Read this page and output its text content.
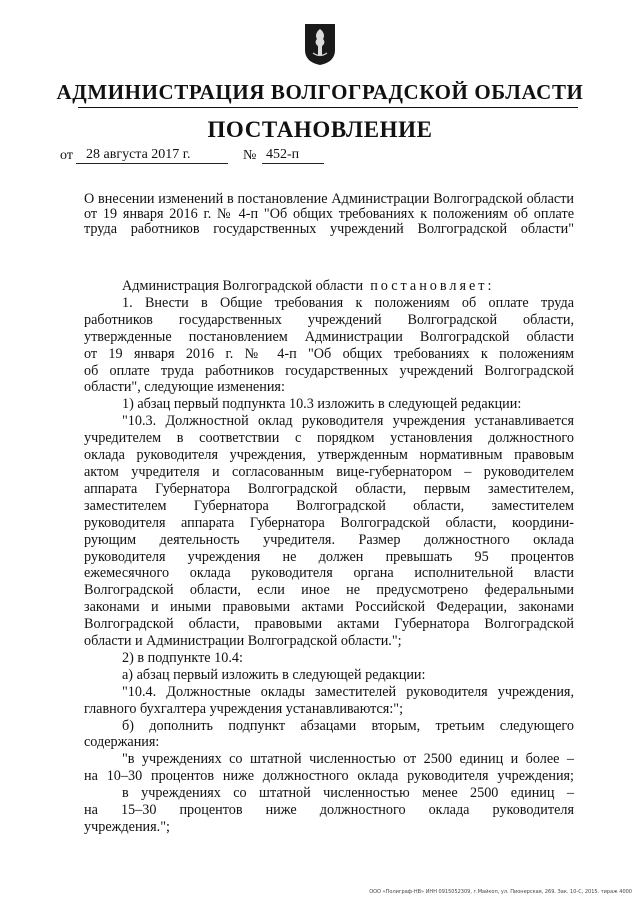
АДМИНИСТРАЦИЯ ВОЛГОГРАДСКОЙ ОБЛАСТИ
ПОСТАНОВЛЕНИЕ
от 28 августа 2017 г.	№ 452-п
О внесении изменений в постановление Администрации Волгоградской области
от 19 января 2016 г. № 4-п "Об общих требованиях к положениям об оплате
труда работников государственных учреждений Волгоградской области"
Администрация Волгоградской области постановляет:
1. Внести в Общие требования к положениям об оплате труда
работников государственных учреждений Волгоградской области,
утвержденные постановлением Администрации Волгоградской области
от 19 января 2016 г. № 4-п "Об общих требованиях к положениям
об оплате труда работников государственных учреждений Волгоградской
области", следующие изменения:
1) абзац первый подпункта 10.3 изложить в следующей редакции:
"10.3. Должностной оклад руководителя учреждения устанавливается
учредителем в соответствии с порядком установления должностного
оклада руководителя учреждения, утвержденным нормативным правовым
актом учредителя и согласованным вице-губернатором – руководителем
аппарата Губернатора Волгоградской области, первым заместителем,
заместителем Губернатора Волгоградской области, заместителем
руководителя аппарата Губернатора Волгоградской области, координи-
рующим деятельность учредителя. Размер должностного оклада
руководителя учреждения не должен превышать 95 процентов
ежемесячного оклада руководителя органа исполнительной власти
Волгоградской области, если иное не предусмотрено федеральными
законами и иными правовыми актами Российской Федерации, законами
Волгоградской области, правовыми актами Губернатора Волгоградской
области и Администрации Волгоградской области.";
2) в подпункте 10.4:
а) абзац первый изложить в следующей редакции:
"10.4. Должностные оклады заместителей руководителя учреждения,
главного бухгалтера учреждения устанавливаются:";
б) дополнить подпункт абзацами вторым, третьим следующего
содержания:
"в учреждениях со штатной численностью от 2500 единиц и более –
на 10–30 процентов ниже должностного оклада руководителя учреждения;
в учреждениях со штатной численностью менее 2500 единиц –
на 15–30 процентов ниже должностного оклада руководителя
учреждения.";
ООО «Полиграф-НВ» ИНН 0915052309, г.Майкоп, ул. Пионерская, 269. Зак. 10-С, 2015. тираж 4000
